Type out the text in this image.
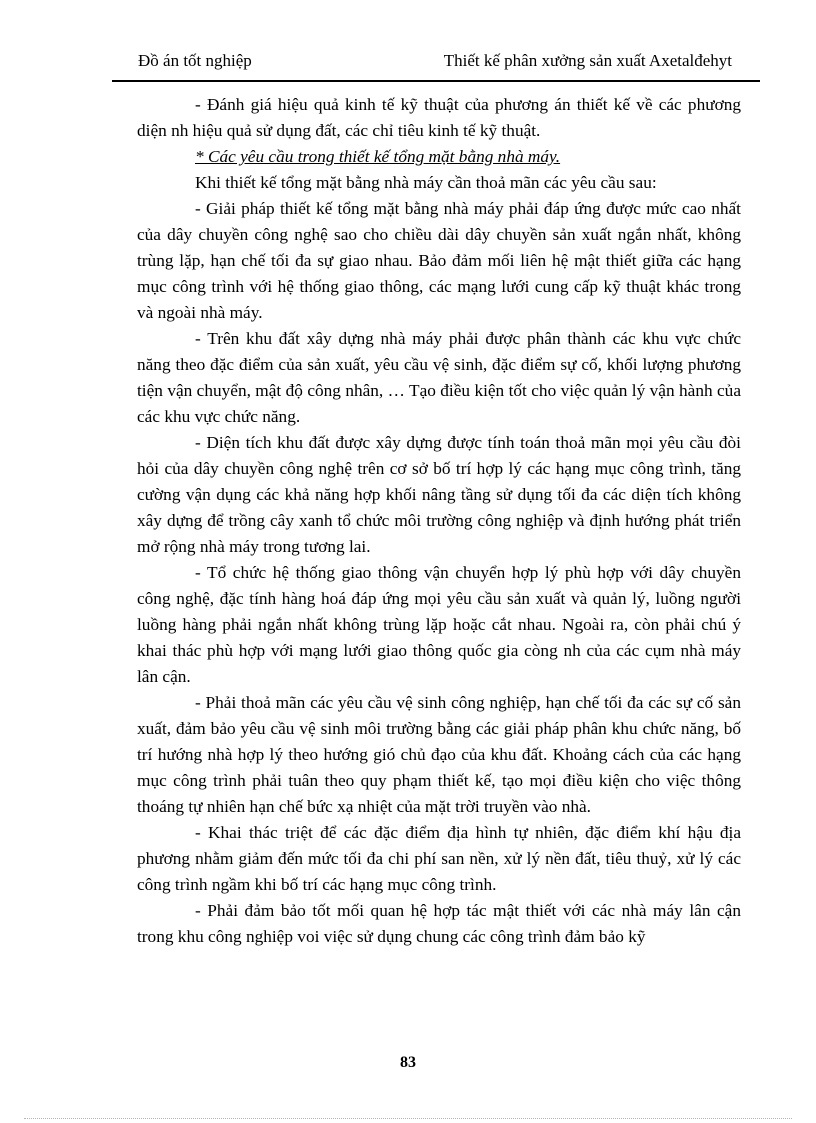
Đồ án tốt nghiệp	Thiết kế phân xưởng sản xuất Axetalđehyt

- Đánh giá hiệu quả kinh tế kỹ thuật của phương án thiết kế về các phương diện nh hiệu quả sử dụng đất, các chỉ tiêu kinh tế kỹ thuật.

* Các yêu cầu trong thiết kế tổng mặt bằng nhà máy.

Khi thiết kế tổng mặt bằng nhà máy cần thoả mãn các yêu cầu sau:

- Giải pháp thiết kế tổng mặt bằng nhà máy phải đáp ứng được mức cao nhất của dây chuyền công nghệ sao cho chiều dài dây chuyền sản xuất ngắn nhất, không trùng lặp, hạn chế tối đa sự giao nhau. Bảo đảm mối liên hệ mật thiết giữa các hạng mục công trình với hệ thống giao thông, các mạng lưới cung cấp kỹ thuật khác trong và ngoài nhà máy.

- Trên khu đất xây dựng nhà máy phải được phân thành các khu vực chức năng theo đặc điểm của sản xuất, yêu cầu vệ sinh, đặc điểm sự cố, khối lượng phương tiện vận chuyển, mật độ công nhân, … Tạo điều kiện tốt cho việc quản lý vận hành của các khu vực chức năng.

- Diện tích khu đất được xây dựng được tính toán thoả mãn mọi yêu cầu đòi hỏi của dây chuyền công nghệ trên cơ sở bố trí hợp lý các hạng mục công trình, tăng cường vận dụng các khả năng hợp khối nâng tầng sử dụng tối đa các diện tích không xây dựng để trồng cây xanh tổ chức môi trường công nghiệp và định hướng phát triển mở rộng nhà máy trong tương lai.

- Tổ chức hệ thống giao thông vận chuyển hợp lý phù hợp với dây chuyền công nghệ, đặc tính hàng hoá đáp ứng mọi yêu cầu sản xuất và quản lý, luồng người luồng hàng phải ngắn nhất không trùng lặp hoặc cắt nhau. Ngoài ra, còn phải chú ý khai thác phù hợp với mạng lưới giao thông quốc gia còng nh của các cụm nhà máy lân cận.

- Phải thoả mãn các yêu cầu vệ sinh công nghiệp, hạn chế tối đa các sự cố sản xuất, đảm bảo yêu cầu vệ sinh môi trường bằng các giải pháp phân khu chức năng, bố trí hướng nhà hợp lý theo hướng gió chủ đạo của khu đất. Khoảng cách của các hạng mục công trình phải tuân theo quy phạm thiết kế, tạo mọi điều kiện cho việc thông thoáng tự nhiên hạn chế bức xạ nhiệt của mặt trời truyền vào nhà.

- Khai thác triệt để các đặc điểm địa hình tự nhiên, đặc điểm khí hậu địa phương nhằm giảm đến mức tối đa chi phí san nền, xử lý nền đất, tiêu thuỷ, xử lý các công trình ngầm khi bố trí các hạng mục công trình.

- Phải đảm bảo tốt mối quan hệ hợp tác mật thiết với các nhà máy lân cận trong khu công nghiệp voi việc sử dụng chung các công trình đảm bảo kỹ

83
